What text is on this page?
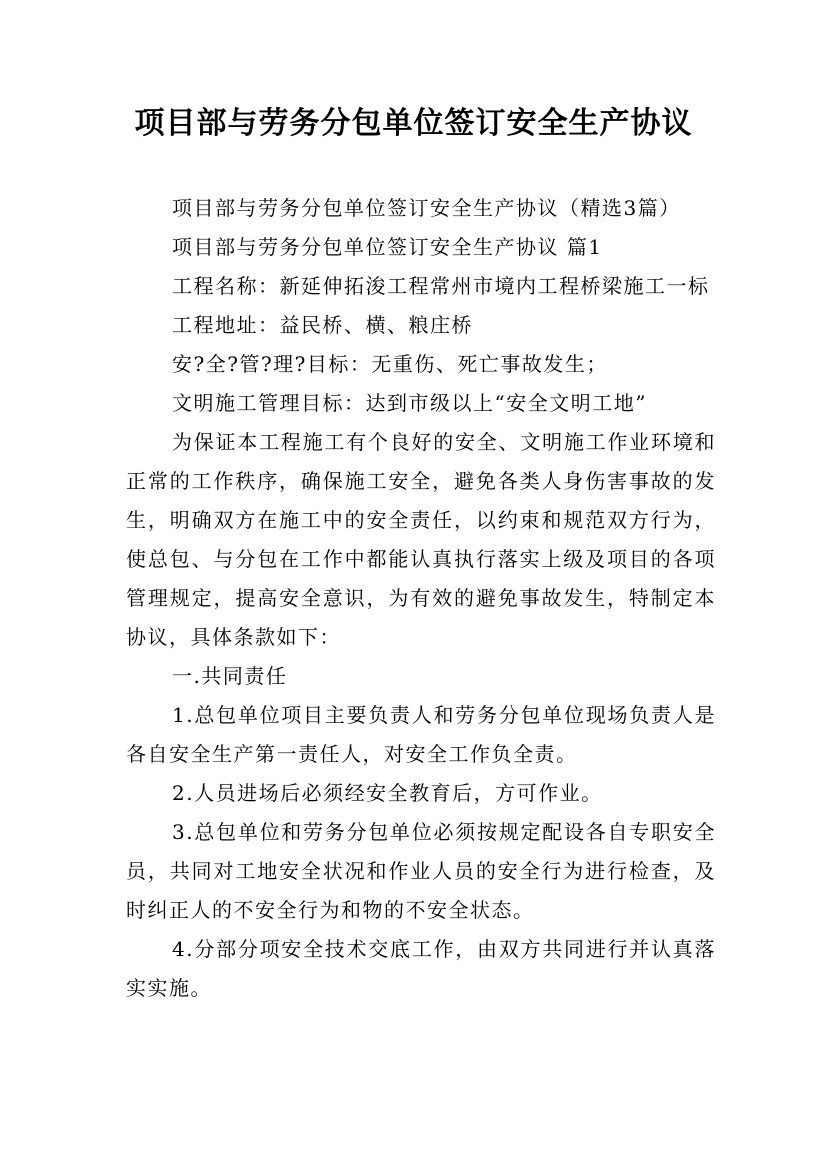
项目部与劳务分包单位签订安全生产协议

项目部与劳务分包单位签订安全生产协议（精选3篇）

项目部与劳务分包单位签订安全生产协议 篇1

工程名称：新延伸拓浚工程常州市境内工程桥梁施工一标

工程地址：益民桥、横、粮庄桥

安?全?管?理?目标：无重伤、死亡事故发生；

文明施工管理目标：达到市级以上“安全文明工地”

为保证本工程施工有个良好的安全、文明施工作业环境和正常的工作秩序，确保施工安全，避免各类人身伤害事故的发生，明确双方在施工中的安全责任，以约束和规范双方行为，使总包、与分包在工作中都能认真执行落实上级及项目的各项管理规定，提高安全意识，为有效的避免事故发生，特制定本协议，具体条款如下：

一.共同责任

1.总包单位项目主要负责人和劳务分包单位现场负责人是各自安全生产第一责任人，对安全工作负全责。

2.人员进场后必须经安全教育后，方可作业。

3.总包单位和劳务分包单位必须按规定配设各自专职安全员，共同对工地安全状况和作业人员的安全行为进行检查，及时纠正人的不安全行为和物的不安全状态。

4.分部分项安全技术交底工作，由双方共同进行并认真落实实施。
